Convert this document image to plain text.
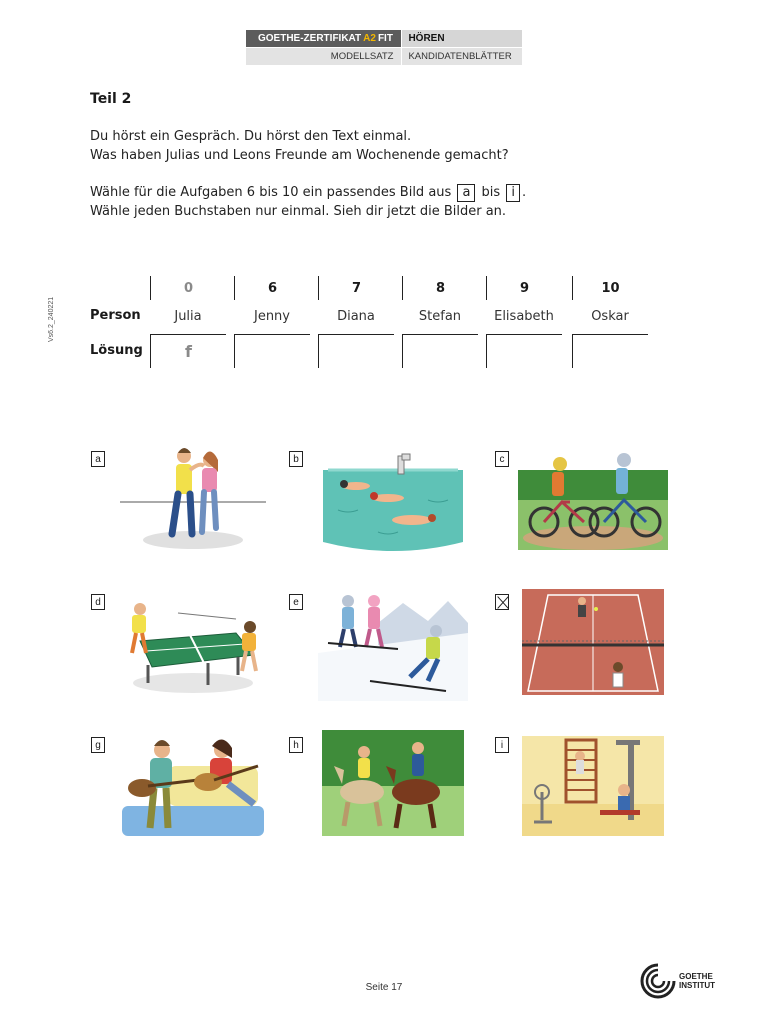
GOETHE-ZERTIFIKAT A2 FIT	HÖREN
MODELLSATZ	KANDIDATENBLÄTTER
Vs6.2_240221
Teil 2
Du hörst ein Gespräch. Du hörst den Text einmal.
Was haben Julias und Leons Freunde am Wochenende gemacht?
Wähle für die Aufgaben 6 bis 10 ein passendes Bild aus a bis i .
Wähle jeden Buchstaben nur einmal. Sieh dir jetzt die Bilder an.
Person
Lösung
0	6	7	8	9	10
Julia	Jenny	Diana	Stefan	Elisabeth	Oskar
f
a	b	c
d	e
g	h	i
Seite 17
GOETHE
INSTITUT
